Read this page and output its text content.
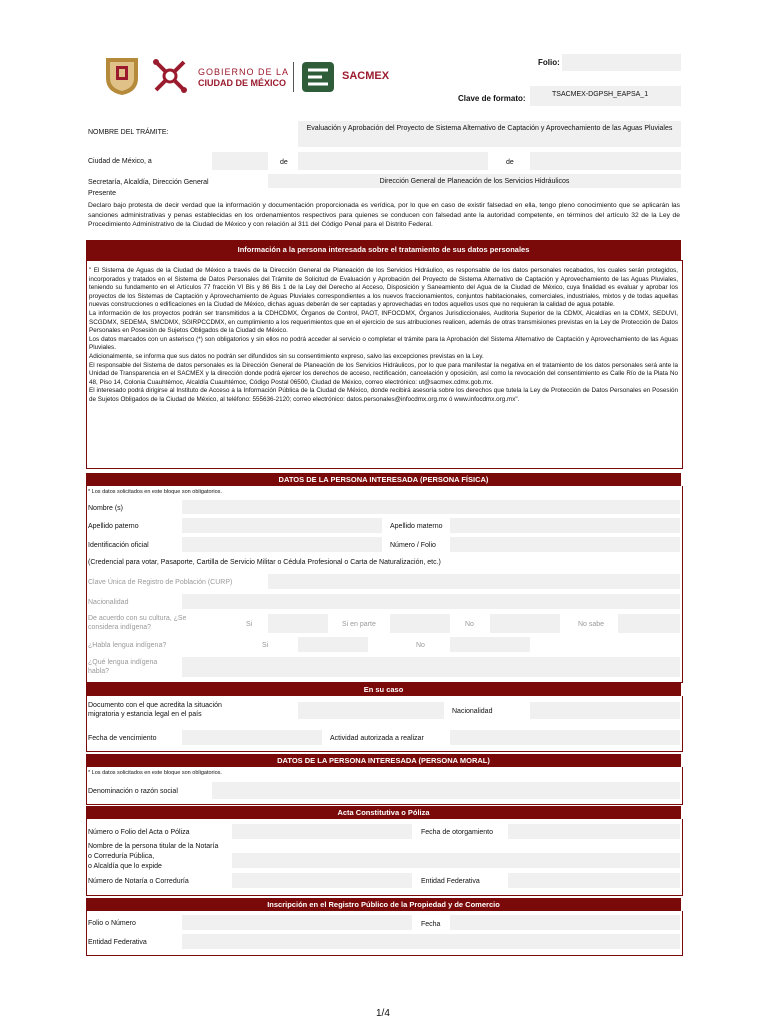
GOBIERNO DE LA
CIUDAD DE MÉXICO
SACMEX
Folio:
Clave de formato:	TSACMEX-DGPSH_EAPSA_1
NOMBRE DEL TRÁMITE:
Evaluación y Aprobación del Proyecto de Sistema Alternativo de Captación y Aprovechamiento de las Aguas Pluviales
Ciudad de México, a	de	de
Secretaría, Alcaldía, Dirección General
Presente
Dirección General de Planeación de los Servicios Hidráulicos
Declaro bajo protesta de decir verdad que la información y documentación proporcionada es verídica, por lo que en caso de existir falsedad en ella, tengo pleno conocimiento que se aplicarán las sanciones administrativas y penas establecidas en los ordenamientos respectivos para quienes se conducen con falsedad ante la autoridad competente, en términos del artículo 32 de la Ley de Procedimiento Administrativo de la Ciudad de México y con relación al 311 del Código Penal para el Distrito Federal.
Información a la persona interesada sobre el tratamiento de sus datos personales
" El Sistema de Aguas de la Ciudad de México a través de la Dirección General de Planeación de los Servicios Hidráulico, es responsable de los datos personales recabados, los cuales serán protegidos, incorporados y tratados en el Sistema de Datos Personales del Trámite de Solicitud de Evaluación y Aprobación del Proyecto de Sistema Alternativo de Captación y Aprovechamiento de las Aguas Pluviales, teniendo su fundamento en el Artículos 77 fracción VI Bis y 86 Bis 1 de la Ley del Derecho al Acceso, Disposición y Saneamiento del Agua de la Ciudad de México, cuya finalidad es evaluar y aprobar los proyectos de los Sistemas de Captación y Aprovechamiento de Aguas Pluviales correspondientes a los nuevos fraccionamientos, conjuntos habitacionales, comerciales, industriales, mixtos y de todas aquellas nuevas construcciones o edificaciones en la Ciudad de México, dichas aguas deberán de ser captadas y aprovechadas en todos aquellos usos que no requieran la calidad de agua potable.
La información de los proyectos podrán ser transmitidos a la CDHCDMX, Órganos de Control, PAOT, INFOCDMX, Órganos Jurisdiccionales, Auditoria Superior de la CDMX, Alcaldías en la CDMX, SEDUVI, SCGDMX, SEDEMA, SMCDMX, SGIRPCCDMX, en cumplimiento a los requerimientos que en el ejercicio de sus atribuciones realicen, además de otras transmisiones previstas en la Ley de Protección de Datos Personales en Posesión de Sujetos Obligados de la Ciudad de México.
Los datos marcados con un asterisco (*) son obligatorios y sin ellos no podrá acceder al servicio o completar el trámite para la Aprobación del Sistema Alternativo de Captación y Aprovechamiento de las Aguas Pluviales.
Adicionalmente, se informa que sus datos no podrán ser difundidos sin su consentimiento expreso, salvo las excepciones previstas en la Ley.
El responsable del Sistema de datos personales es la Dirección General de Planeación de los Servicios Hidráulicos, por lo que para manifestar la negativa en el tratamiento de los datos personales será ante la Unidad de Transparencia en el SACMEX y la dirección donde podrá ejercer los derechos de acceso, rectificación, cancelación y oposición, así como la revocación del consentimiento es Calle Río de la Plata No 48, Piso 14, Colonia Cuauhtémoc, Alcaldía Cuauhtémoc, Código Postal 06500, Ciudad de México, correo electrónico: ut@sacmex.cdmx.gob.mx.
El interesado podrá dirigirse al Instituto de Acceso a la Información Pública de la Ciudad de México, donde recibirá asesoría sobre los derechos que tutela la Ley de Protección de Datos Personales en Posesión de Sujetos Obligados de la Ciudad de México, al teléfono: 555636-2120; correo electrónico: datos.personales@infocdmx.org.mx ó www.infocdmx.org.mx".
DATOS DE LA PERSONA INTERESADA (PERSONA FÍSICA)
* Los datos solicitados en este bloque son obligatorios.
Nombre (s)
Apellido paterno	Apellido materno
Identificación oficial	Número / Folio
(Credencial para votar, Pasaporte, Cartilla de Servicio Militar o Cédula Profesional o Carta de Naturalización, etc.)
Clave Única de Registro de Población (CURP)
Nacionalidad
De acuerdo con su cultura, ¿Se considera indígena?	Si	Si en parte	No	No sabe
¿Habla lengua indígena?	Si	No
¿Qué lengua indígena habla?
En su caso
Documento con el que acredita la situación migratoria y estancia legal en el país	Nacionalidad
Fecha de vencimiento	Actividad autorizada a realizar
DATOS DE LA PERSONA INTERESADA (PERSONA MORAL)
* Los datos solicitados en este bloque son obligatorios.
Denominación o razón social
Acta Constitutiva o Póliza
Número o Folio del Acta o Póliza	Fecha de otorgamiento
Nombre de la persona titular de la Notaría
o Correduría Pública,
o Alcaldía que lo expide
Número de Notaría o Correduría	Entidad Federativa
Inscripción en el Registro Público de la Propiedad y de Comercio
Folio o Número	Fecha
Entidad Federativa
1/4
